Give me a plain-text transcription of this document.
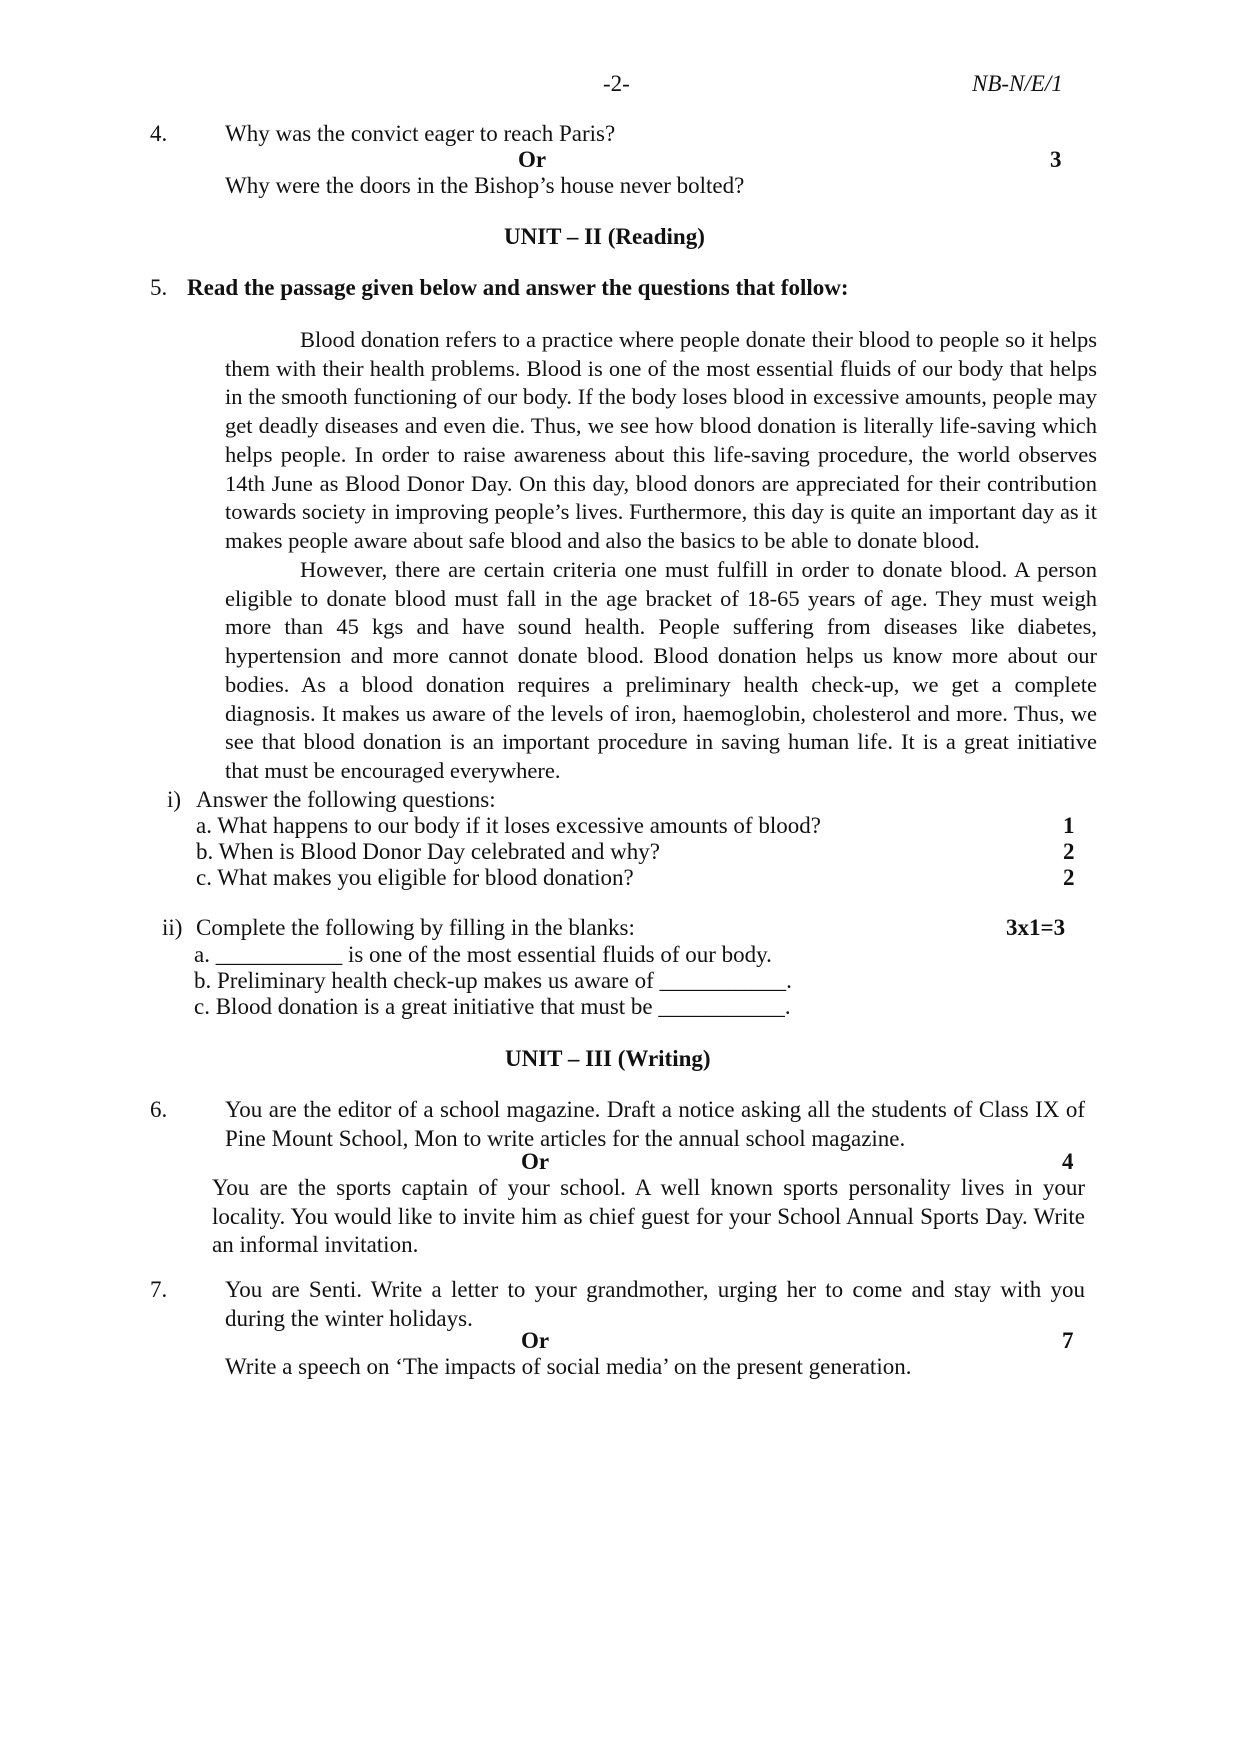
-2-	NB-N/E/1
4.	Why was the convict eager to reach Paris?
Or	3
Why were the doors in the Bishop’s house never bolted?
UNIT – II (Reading)
5. Read the passage given below and answer the questions that follow:

Blood donation refers to a practice where people donate their blood to people so it helps them with their health problems. Blood is one of the most essential fluids of our body that helps in the smooth functioning of our body. If the body loses blood in excessive amounts, people may get deadly diseases and even die. Thus, we see how blood donation is literally life-saving which helps people. In order to raise awareness about this life-saving procedure, the world observes 14th June as Blood Donor Day. On this day, blood donors are appreciated for their contribution towards society in improving people’s lives. Furthermore, this day is quite an important day as it makes people aware about safe blood and also the basics to be able to donate blood.

However, there are certain criteria one must fulfill in order to donate blood. A person eligible to donate blood must fall in the age bracket of 18-65 years of age. They must weigh more than 45 kgs and have sound health. People suffering from diseases like diabetes, hypertension and more cannot donate blood. Blood donation helps us know more about our bodies. As a blood donation requires a preliminary health check-up, we get a complete diagnosis. It makes us aware of the levels of iron, haemoglobin, cholesterol and more. Thus, we see that blood donation is an important procedure in saving human life. It is a great initiative that must be encouraged everywhere.

i) Answer the following questions:
a. What happens to our body if it loses excessive amounts of blood?	1
b. When is Blood Donor Day celebrated and why?	2
c. What makes you eligible for blood donation?	2
ii) Complete the following by filling in the blanks:	3x1=3
a. ___________ is one of the most essential fluids of our body.
b. Preliminary health check-up makes us aware of ___________.
c. Blood donation is a great initiative that must be ___________.
UNIT – III (Writing)
6.	You are the editor of a school magazine. Draft a notice asking all the students of Class IX of Pine Mount School, Mon to write articles for the annual school magazine.

Or	4

You are the sports captain of your school. A well known sports personality lives in your locality. You would like to invite him as chief guest for your School Annual Sports Day. Write an informal invitation.

7.	You are Senti. Write a letter to your grandmother, urging her to come and stay with you during the winter holidays.

Or	7
Write a speech on ‘The impacts of social media’ on the present generation.
